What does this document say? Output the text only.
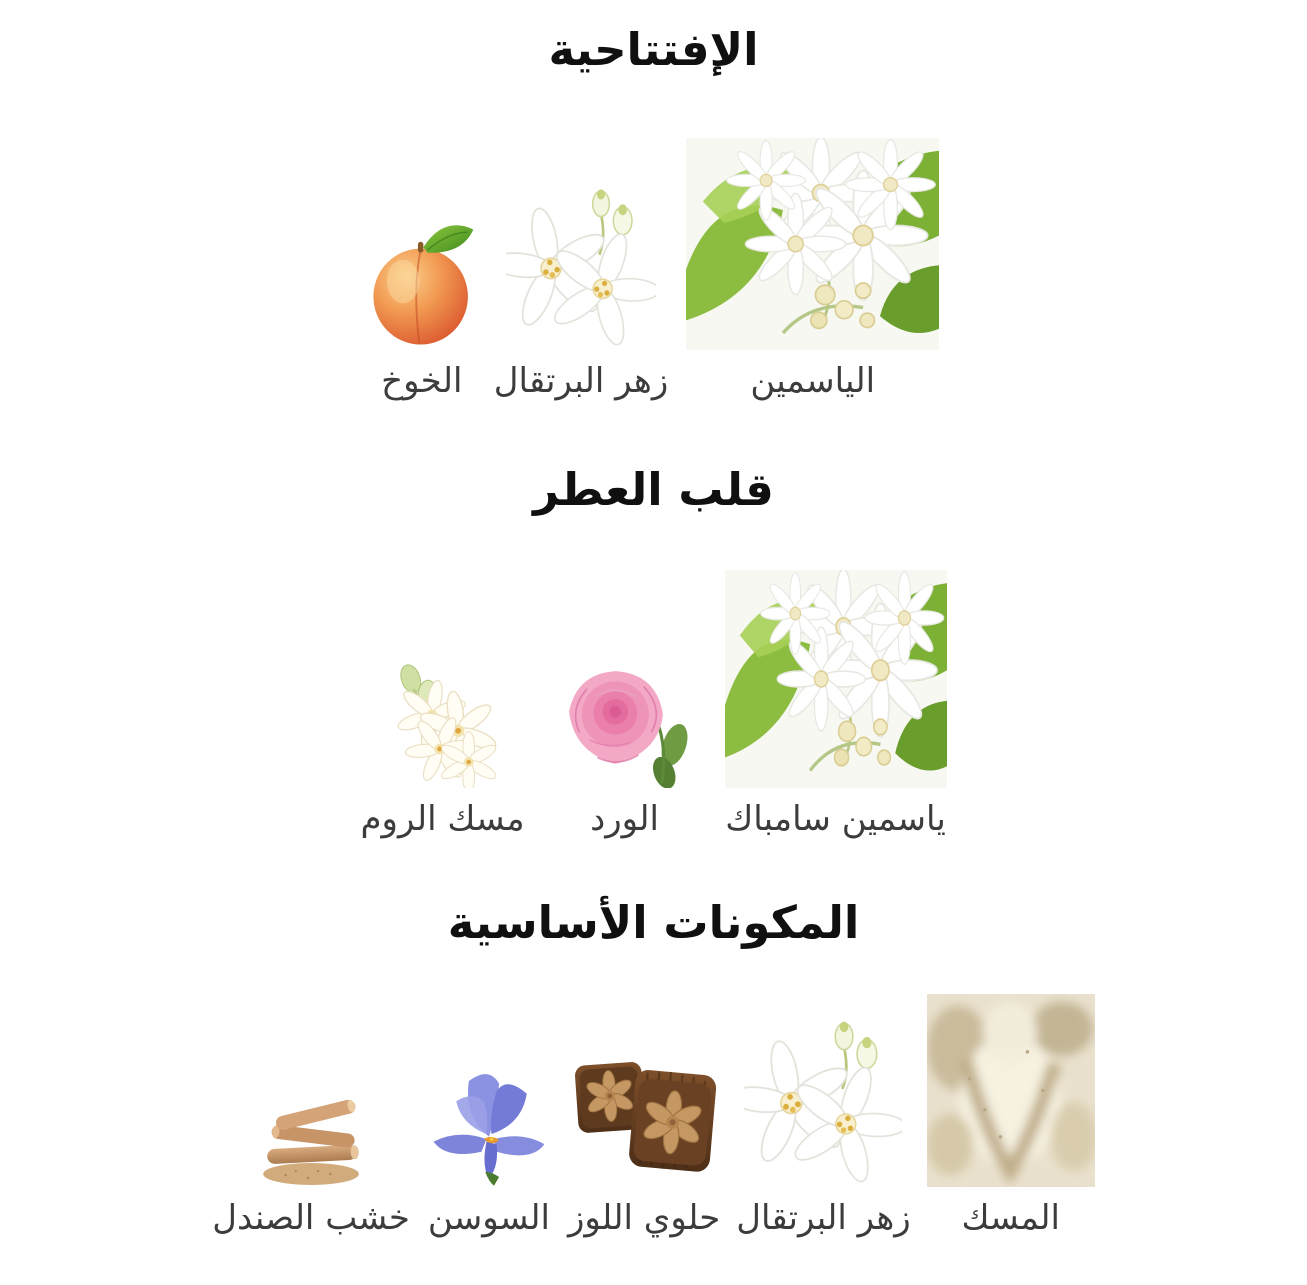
الإفتتاحية
الياسمين
زهر البرتقال
الخوخ
قلب العطر
ياسمين سامباك
الورد
مسك الروم
المكونات الأساسية
المسك
زهر البرتقال
حلوي اللوز
السوسن
خشب الصندل
